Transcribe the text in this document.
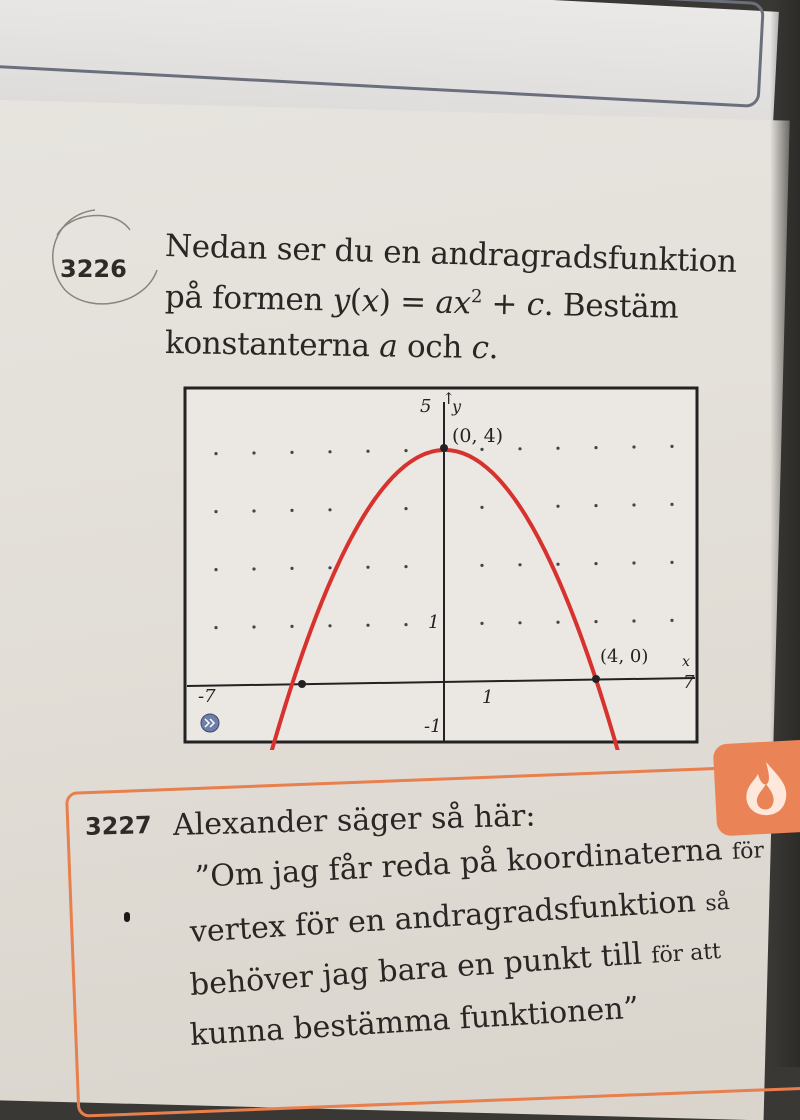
3226 Nedan ser du en andragradsfunktion
på formen $y(x) = ax^2 + c$. Bestäm
konstanterna a och c.
5 ↑
y
(0, 4)
(4, 0) x
7
-7
1
-1
1
3227 Alexander säger så här:
”Om jag får reda på koordinaterna för
vertex för en andragradsfunktion så
behöver jag bara en punkt till för att
kunna bestämma funktionen”
